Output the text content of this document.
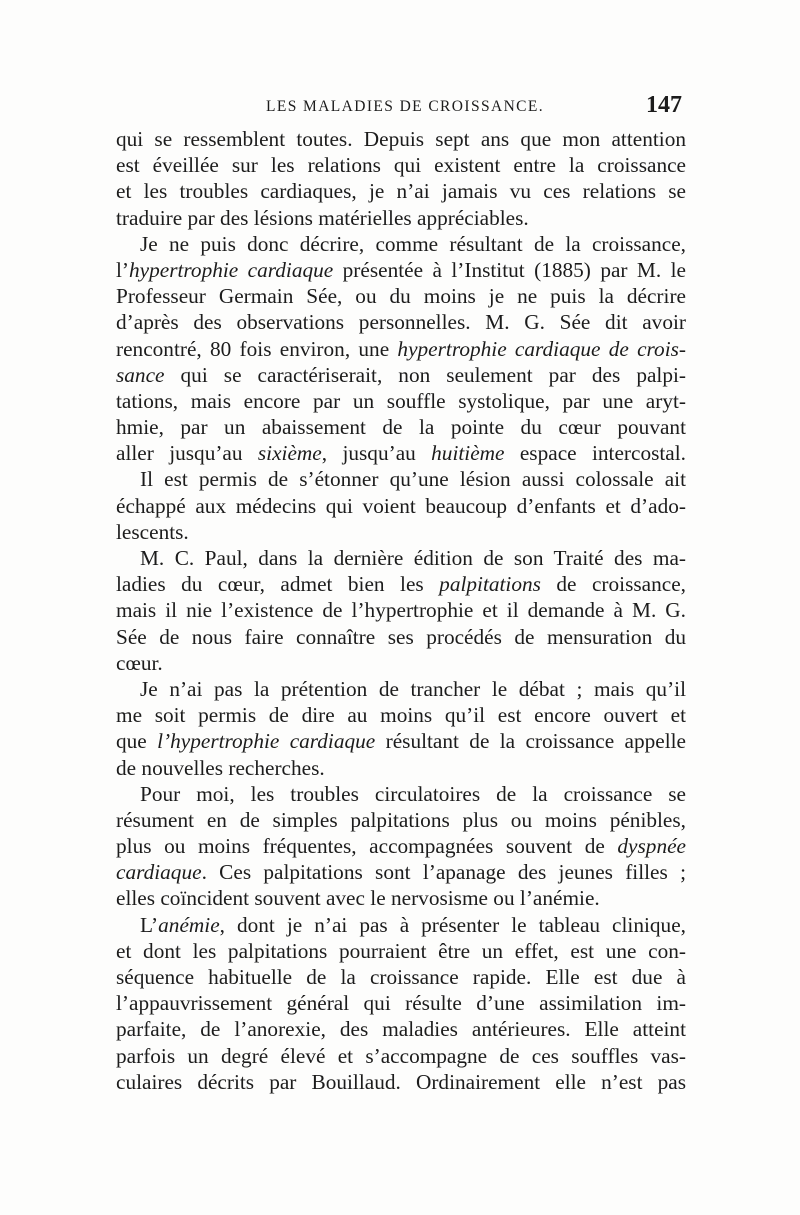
LES MALADIES DE CROISSANCE.	147
qui se ressemblent toutes. Depuis sept ans que mon attention
est éveillée sur les relations qui existent entre la croissance
et les troubles cardiaques, je n’ai jamais vu ces relations se
traduire par des lésions matérielles appréciables.
Je ne puis donc décrire, comme résultant de la croissance,
l’hypertrophie cardiaque présentée à l’Institut (1885) par M. le
Professeur Germain Sée, ou du moins je ne puis la décrire
d’après des observations personnelles. M. G. Sée dit avoir
rencontré, 80 fois environ, une hypertrophie cardiaque de crois-
sance qui se caractériserait, non seulement par des palpi-
tations, mais encore par un souffle systolique, par une aryt-
hmie, par un abaissement de la pointe du cœur pouvant
aller jusqu’au sixième, jusqu’au huitième espace intercostal.
Il est permis de s’étonner qu’une lésion aussi colossale ait
échappé aux médecins qui voient beaucoup d’enfants et d’ado-
lescents.
M. C. Paul, dans la dernière édition de son Traité des ma-
ladies du cœur, admet bien les palpitations de croissance,
mais il nie l’existence de l’hypertrophie et il demande à M. G.
Sée de nous faire connaître ses procédés de mensuration du
cœur.
Je n’ai pas la prétention de trancher le débat ; mais qu’il
me soit permis de dire au moins qu’il est encore ouvert et
que l’hypertrophie cardiaque résultant de la croissance appelle
de nouvelles recherches.
Pour moi, les troubles circulatoires de la croissance se
résument en de simples palpitations plus ou moins pénibles,
plus ou moins fréquentes, accompagnées souvent de dyspnée
cardiaque. Ces palpitations sont l’apanage des jeunes filles ;
elles coïncident souvent avec le nervosisme ou l’anémie.
L’anémie, dont je n’ai pas à présenter le tableau clinique,
et dont les palpitations pourraient être un effet, est une con-
séquence habituelle de la croissance rapide. Elle est due à
l’appauvrissement général qui résulte d’une assimilation im-
parfaite, de l’anorexie, des maladies antérieures. Elle atteint
parfois un degré élevé et s’accompagne de ces souffles vas-
culaires décrits par Bouillaud. Ordinairement elle n’est pas
